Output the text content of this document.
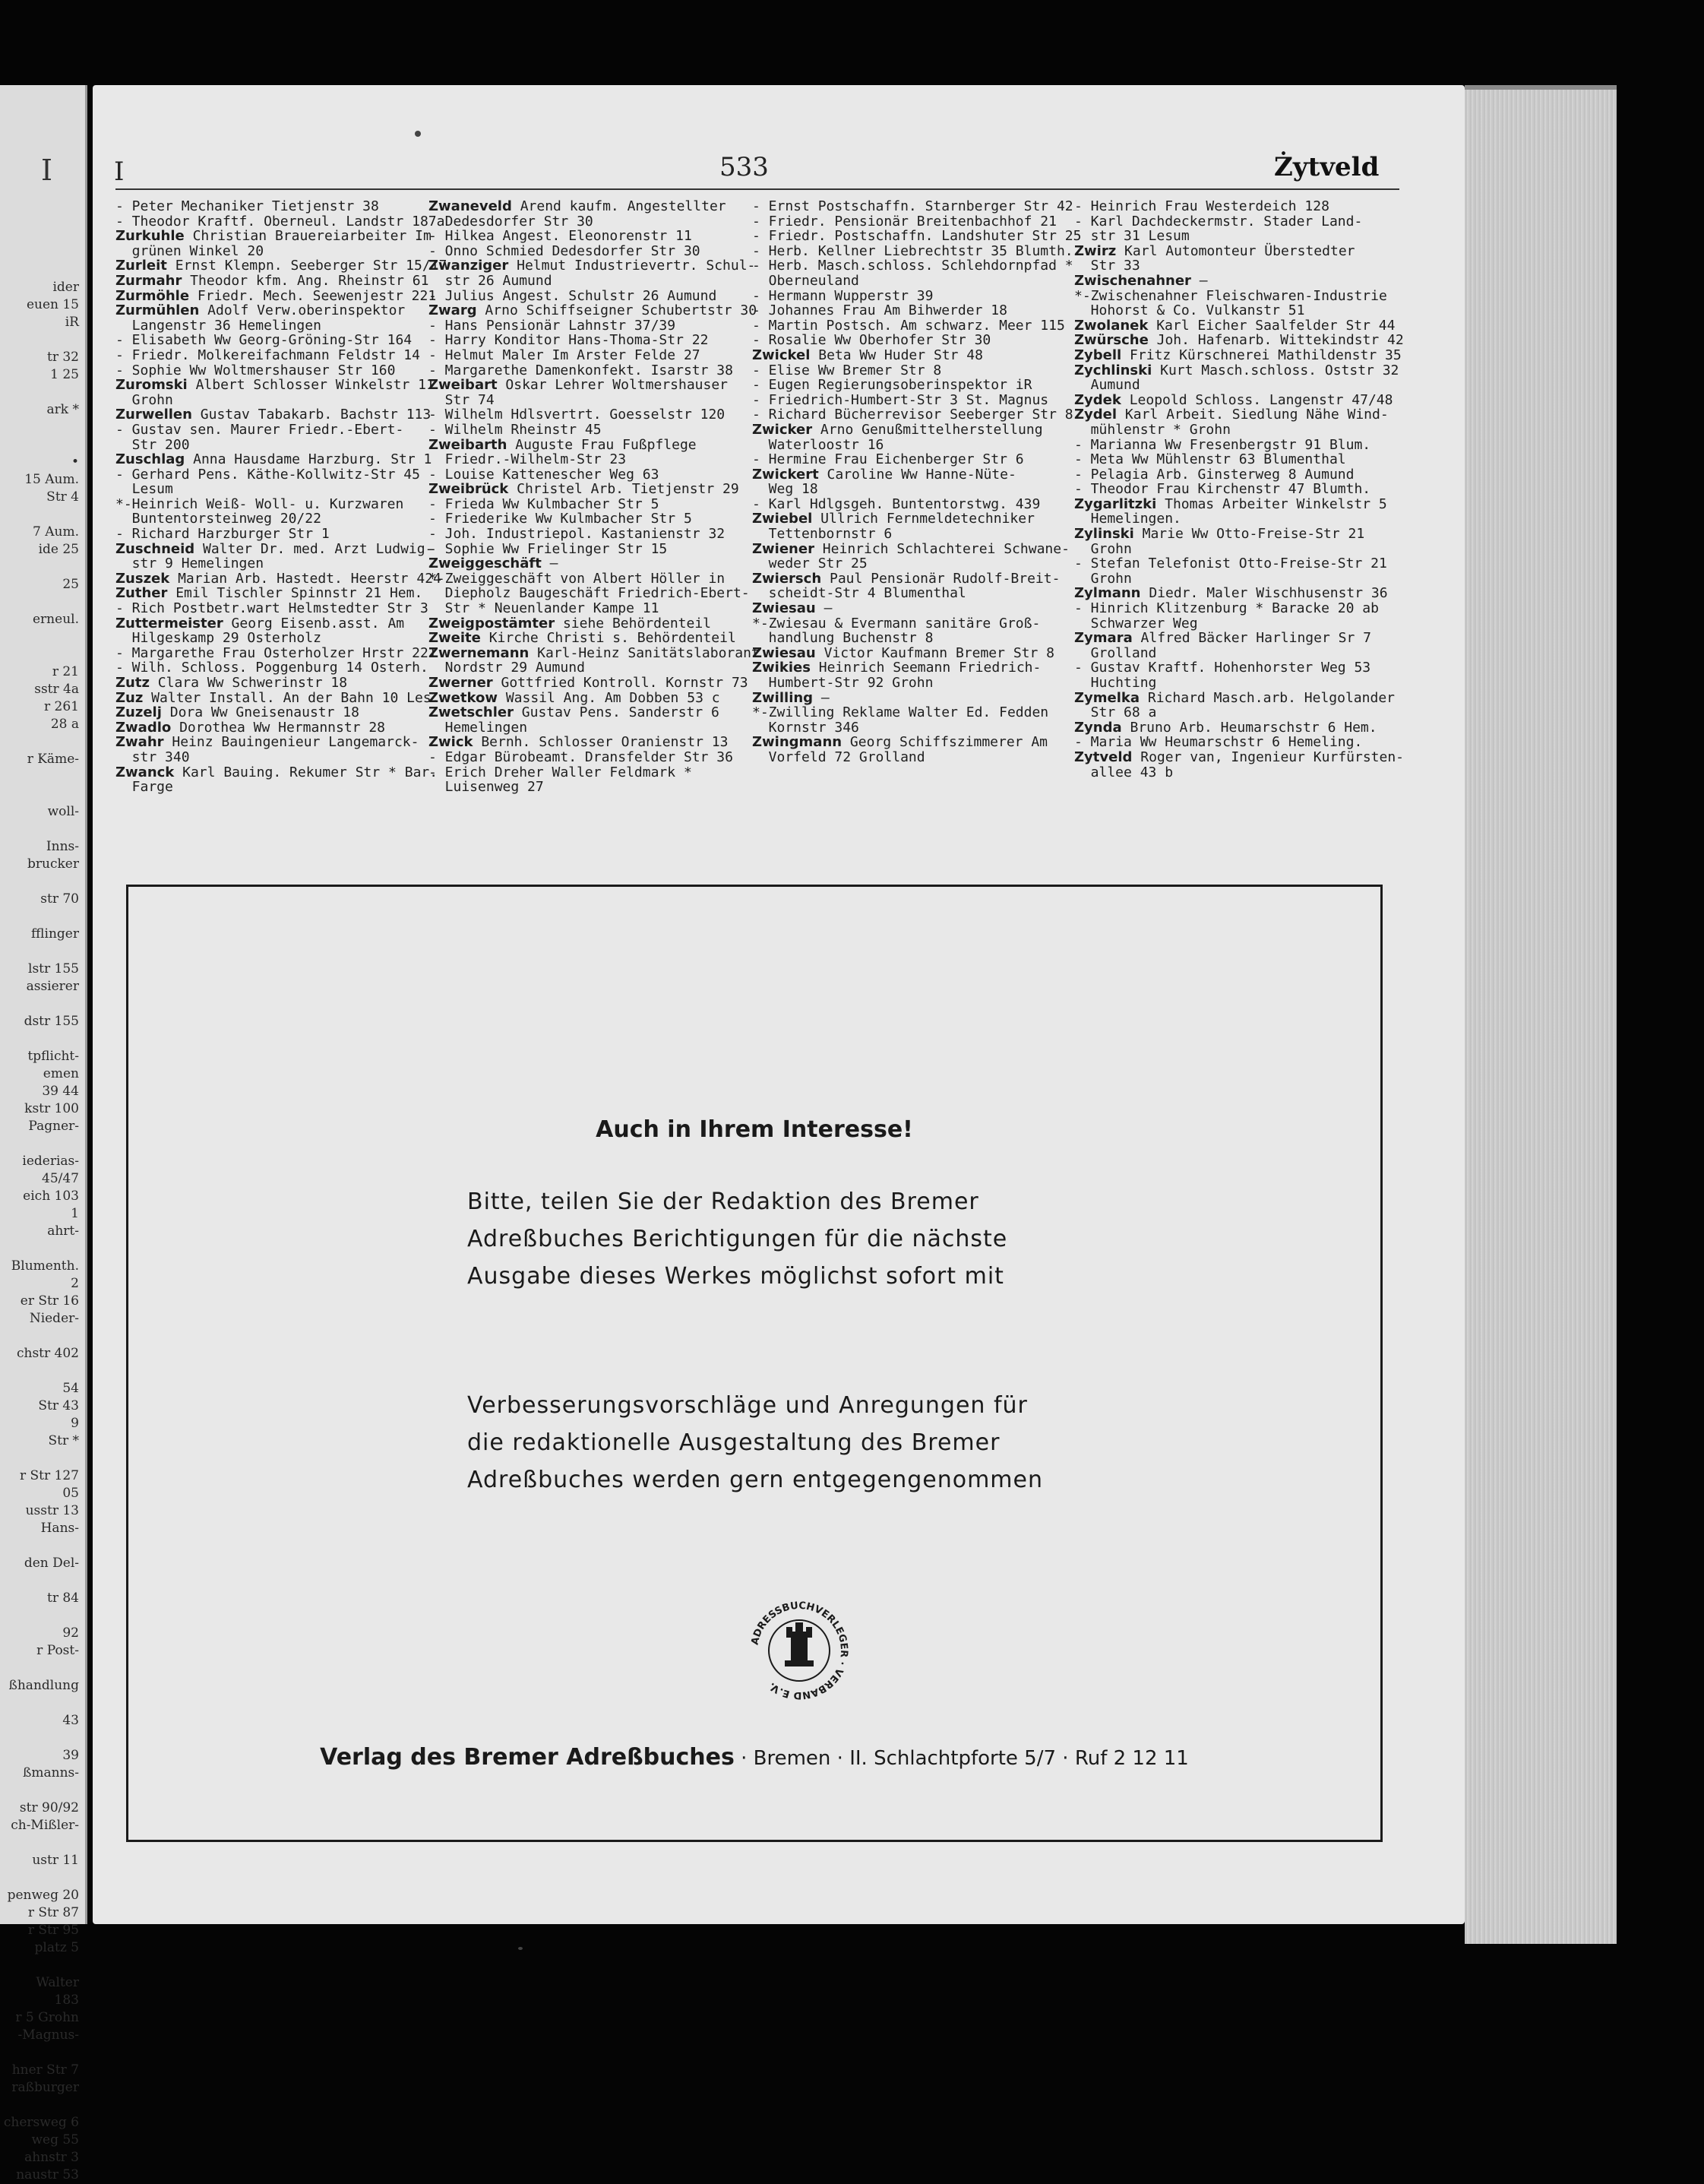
I
ider
euen 15
iR
tr 32
1 25
ark *
•
15 Aum.
Str 4
7 Aum.
ide 25
25
erneul.
r 21
sstr 4a
r 261
28 a
r Käme-
woll-
Inns-
brucker
str 70
fflinger
lstr 155
assierer
dstr 155
tpflicht-
emen
39 44
kstr 100
Pagner-
iederias-
45/47
eich 103
1
ahrt-
Blumenth.
2
er Str 16
Nieder-
chstr 402
54
Str 43
9
Str *
r Str 127
05
usstr 13
Hans-
den Del-
tr 84
92
r Post-
ßhandlung
43
39
ßmanns-
str 90/92
ch-Mißler-
ustr 11
penweg 20
r Str 87
r Str 95
platz 5
Walter
183
r 5 Grohn
-Magnus-
hner Str 7
raßburger
chersweg 6
weg 55
ahnstr 3
naustr 53
I	533	Żytveld
- Peter Mechaniker Tietjenstr 38
- Theodor Kraftf. Oberneul. Landstr 187a
Zurkuhle Christian Brauereiarbeiter Im
grünen Winkel 20
Zurleit Ernst Klempn. Seeberger Str 15/17
Zurmahr Theodor kfm. Ang. Rheinstr 61
Zurmöhle Friedr. Mech. Seewenjestr 221
Zurmühlen Adolf Verw.oberinspektor
Langenstr 36 Hemelingen
- Elisabeth Ww Georg-Gröning-Str 164
- Friedr. Molkereifachmann Feldstr 14
- Sophie Ww Woltmershauser Str 160
Zuromski Albert Schlosser Winkelstr 11
Grohn
Zurwellen Gustav Tabakarb. Bachstr 113
- Gustav sen. Maurer Friedr.-Ebert-
Str 200
Zuschlag Anna Hausdame Harzburg. Str 1
- Gerhard Pens. Käthe-Kollwitz-Str 45
Lesum
*-Heinrich Weiß- Woll- u. Kurzwaren
Buntentorsteinweg 20/22
- Richard Harzburger Str 1
Zuschneid Walter Dr. med. Arzt Ludwig-
str 9 Hemelingen
Zuszek Marian Arb. Hastedt. Heerstr 424
Zuther Emil Tischler Spinnstr 21 Hem.
- Rich Postbetr.wart Helmstedter Str 3
Zuttermeister Georg Eisenb.asst. Am
Hilgeskamp 29 Osterholz
- Margarethe Frau Osterholzer Hrstr 221
- Wilh. Schloss. Poggenburg 14 Osterh.
Zutz Clara Ww Schwerinstr 18
Zuz Walter Install. An der Bahn 10 Les.
Zuzelj Dora Ww Gneisenaustr 18
Zwadlo Dorothea Ww Hermannstr 28
Zwahr Heinz Bauingenieur Langemarck-
str 340
Zwanck Karl Bauing. Rekumer Str * Bar.
Farge
Zwaneveld Arend kaufm. Angestellter
Dedesdorfer Str 30
- Hilkea Angest. Eleonorenstr 11
- Onno Schmied Dedesdorfer Str 30
Zwanziger Helmut Industrievertr. Schul-
str 26 Aumund
- Julius Angest. Schulstr 26 Aumund
Zwarg Arno Schiffseigner Schubertstr 30
- Hans Pensionär Lahnstr 37/39
- Harry Konditor Hans-Thoma-Str 22
- Helmut Maler Im Arster Felde 27
- Margarethe Damenkonfekt. Isarstr 38
Zweibart Oskar Lehrer Woltmershauser
Str 74
- Wilhelm Hdlsvertrt. Goesselstr 120
- Wilhelm Rheinstr 45
Zweibarth Auguste Frau Fußpflege
Friedr.-Wilhelm-Str 23
- Louise Kattenescher Weg 63
Zweibrück Christel Arb. Tietjenstr 29
- Frieda Ww Kulmbacher Str 5
- Friederike Ww Kulmbacher Str 5
- Joh. Industriepol. Kastanienstr 32
- Sophie Ww Frielinger Str 15
Zweiggeschäft —
*-Zweiggeschäft von Albert Höller in
Diepholz Baugeschäft Friedrich-Ebert-
Str * Neuenlander Kampe 11
Zweigpostämter siehe Behördenteil
Zweite Kirche Christi s. Behördenteil
Zwernemann Karl-Heinz Sanitätslaborant
Nordstr 29 Aumund
Zwerner Gottfried Kontroll. Kornstr 73
Zwetkow Wassil Ang. Am Dobben 53 c
Zwetschler Gustav Pens. Sanderstr 6
Hemelingen
Zwick Bernh. Schlosser Oranienstr 13
- Edgar Bürobeamt. Dransfelder Str 36
- Erich Dreher Waller Feldmark *
Luisenweg 27
- Ernst Postschaffn. Starnberger Str 42
- Friedr. Pensionär Breitenbachhof 21
- Friedr. Postschaffn. Landshuter Str 25
- Herb. Kellner Liebrechtstr 35 Blumth.
- Herb. Masch.schloss. Schlehdornpfad *
Oberneuland
- Hermann Wupperstr 39
- Johannes Frau Am Bihwerder 18
- Martin Postsch. Am schwarz. Meer 115
- Rosalie Ww Oberhofer Str 30
Zwickel Beta Ww Huder Str 48
- Elise Ww Bremer Str 8
- Eugen Regierungsoberinspektor iR
- Friedrich-Humbert-Str 3 St. Magnus
- Richard Bücherrevisor Seeberger Str 8
Zwicker Arno Genußmittelherstellung
Waterloostr 16
- Hermine Frau Eichenberger Str 6
Zwickert Caroline Ww Hanne-Nüte-
Weg 18
- Karl Hdlgsgeh. Buntentorstwg. 439
Zwiebel Ullrich Fernmeldetechniker
Tettenbornstr 6
Zwiener Heinrich Schlachterei Schwane-
weder Str 25
Zwiersch Paul Pensionär Rudolf-Breit-
scheidt-Str 4 Blumenthal
Zwiesau —
*-Zwiesau & Evermann sanitäre Groß-
handlung Buchenstr 8
Zwiesau Victor Kaufmann Bremer Str 8
Zwikies Heinrich Seemann Friedrich-
Humbert-Str 92 Grohn
Zwilling —
*-Zwilling Reklame Walter Ed. Fedden
Kornstr 346
Zwingmann Georg Schiffszimmerer Am
Vorfeld 72 Grolland
- Heinrich Frau Westerdeich 128
- Karl Dachdeckermstr. Stader Land-
str 31 Lesum
Zwirz Karl Automonteur Überstedter
Str 33
Zwischenahner —
*-Zwischenahner Fleischwaren-Industrie
Hohorst & Co. Vulkanstr 51
Zwolanek Karl Eicher Saalfelder Str 44
Zwürsche Joh. Hafenarb. Wittekindstr 42
Zybell Fritz Kürschnerei Mathildenstr 35
Zychlinski Kurt Masch.schloss. Oststr 32
Aumund
Zydek Leopold Schloss. Langenstr 47/48
Zydel Karl Arbeit. Siedlung Nähe Wind-
mühlenstr * Grohn
- Marianna Ww Fresenbergstr 91 Blum.
- Meta Ww Mühlenstr 63 Blumenthal
- Pelagia Arb. Ginsterweg 8 Aumund
- Theodor Frau Kirchenstr 47 Blumth.
Zygarlitzki Thomas Arbeiter Winkelstr 5
Hemelingen.
Zylinski Marie Ww Otto-Freise-Str 21
Grohn
- Stefan Telefonist Otto-Freise-Str 21
Grohn
Zylmann Diedr. Maler Wischhusenstr 36
- Hinrich Klitzenburg * Baracke 20 ab
Schwarzer Weg
Zymara Alfred Bäcker Harlinger Sr 7
Grolland
- Gustav Kraftf. Hohenhorster Weg 53
Huchting
Zymelka Richard Masch.arb. Helgolander
Str 68 a
Zynda Bruno Arb. Heumarschstr 6 Hem.
- Maria Ww Heumarschstr 6 Hemeling.
Zytveld Roger van, Ingenieur Kurfürsten-
allee 43 b
Auch in Ihrem Interesse!
Bitte, teilen Sie der Redaktion des Bremer
Adreßbuches Berichtigungen für die nächste
Ausgabe dieses Werkes möglichst sofort mit
Verbesserungsvorschläge und Anregungen für
die redaktionelle Ausgestaltung des Bremer
Adreßbuches werden gern entgegengenommen
ADRESSBUCHVERLEGER · VERBAND E.V.
Verlag des Bremer Adreßbuches · Bremen · II. Schlachtpforte 5/7 · Ruf 2 12 11
